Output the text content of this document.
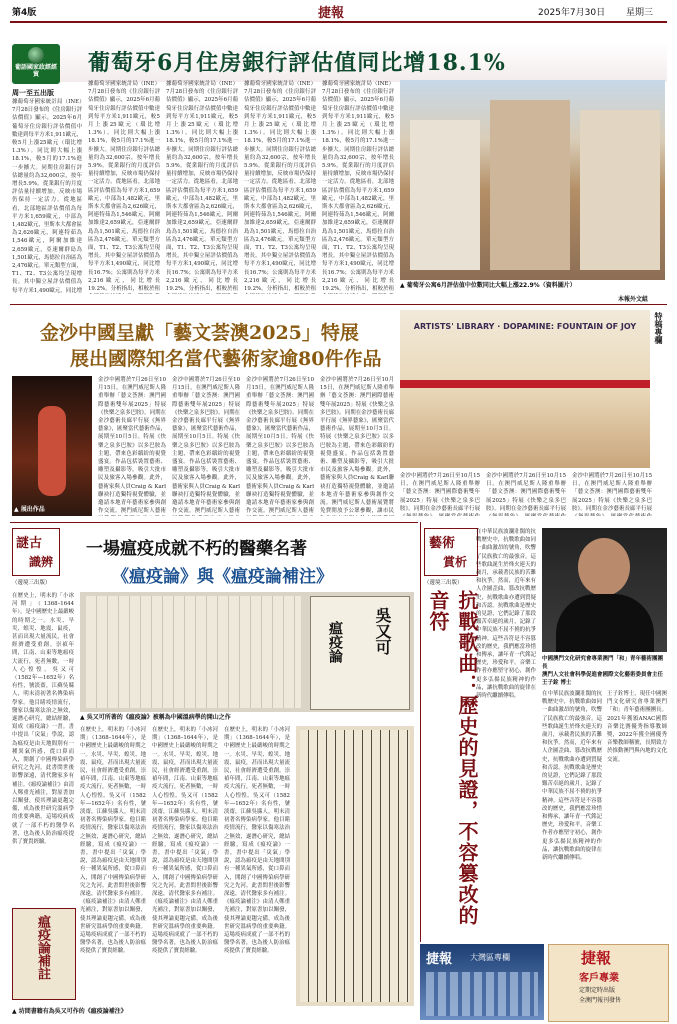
第4版	捷報	2025年7月30日 星期三
葡語國家政經經貿	葡萄牙6月住房銀行評估值同比增18.1%
周一至五出版
據葡萄牙國家統計局（INE）7月28日發布的《住房銀行評估價值》顯示，2025年6月葡萄牙住房銀行評估價值中數達到每平方米1,911歐元，較5月上漲25歐元（環比增1.3%）。同比則大幅上漲18.1%，較5月的17.1%進一步擴大。同期住房銀行評估總量約為32,600宗，按年增長5.9%。從業銀行的月度評估量持續增加，反映市場仍保持一定活力。從地區看，北部地區評估價值為每平方米1,659歐元，中部為1,482歐元，里斯本大都會區為2,626歐元，阿連特茹為1,546歐元，阿爾加維達2,659歐元，亞速爾群島為1,501歐元，馬德拉自治區為2,476歐元。單元類型方面，T1、T2、T3公寓均呈現增長。其中獨立屋評估價值為每平方米1,490歐元，同比增
據葡萄牙國家統計局（INE）7月28日發布的《住房銀行評估價值》顯示，2025年6月葡萄牙住房銀行評估價值中數達到每平方米1,911歐元，較5月上漲25歐元（環比增1.3%）。同比則大幅上漲18.1%，較5月的17.1%進一步擴大。同期住房銀行評估總量約為32,600宗，按年增長5.9%。從業銀行的月度評估量持續增加，反映市場仍保持一定活力。從地區看，北部地區評估價值為每平方米1,659歐元，中部為1,482歐元，里斯本大都會區為2,626歐元，阿連特茹為1,546歐元，阿爾加維達2,659歐元，亞速爾群島為1,501歐元，馬德拉自治區為2,476歐元。單元類型方面，T1、T2、T3公寓均呈現增長。其中獨立屋評估價值為每平方米1,490歐元，同比增長16.7%；公寓則為每平方米2,216歐元，同比增長19.2%。分析指出，相較於租
據葡萄牙國家統計局（INE）7月28日發布的《住房銀行評估價值》顯示，2025年6月葡萄牙住房銀行評估價值中數達到每平方米1,911歐元，較5月上漲25歐元（環比增1.3%）。同比則大幅上漲18.1%，較5月的17.1%進一步擴大。同期住房銀行評估總量約為32,600宗，按年增長5.9%。從業銀行的月度評估量持續增加，反映市場仍保持一定活力。從地區看，北部地區評估價值為每平方米1,659歐元，中部為1,482歐元，里斯本大都會區為2,626歐元，阿連特茹為1,546歐元，阿爾加維達2,659歐元，亞速爾群島為1,501歐元，馬德拉自治區為2,476歐元。單元類型方面，T1、T2、T3公寓均呈現增長。其中獨立屋評估價值為每平方米1,490歐元，同比增長16.7%；公寓則為每平方米2,216歐元，同比增長19.2%。分析指出，相較於租
據葡萄牙國家統計局（INE）7月28日發布的《住房銀行評估價值》顯示，2025年6月葡萄牙住房銀行評估價值中數達到每平方米1,911歐元，較5月上漲25歐元（環比增1.3%）。同比則大幅上漲18.1%，較5月的17.1%進一步擴大。同期住房銀行評估總量約為32,600宗，按年增長5.9%。從業銀行的月度評估量持續增加，反映市場仍保持一定活力。從地區看，北部地區評估價值為每平方米1,659歐元，中部為1,482歐元，里斯本大都會區為2,626歐元，阿連特茹為1,546歐元，阿爾加維達2,659歐元，亞速爾群島為1,501歐元，馬德拉自治區為2,476歐元。單元類型方面，T1、T2、T3公寓均呈現增長。其中獨立屋評估價值為每平方米1,490歐元，同比增長16.7%；公寓則為每平方米2,216歐元，同比增長19.2%。分析指出，相較於租
據葡萄牙國家統計局（INE）7月28日發布的《住房銀行評估價值》顯示，2025年6月葡萄牙住房銀行評估價值中數達到每平方米1,911歐元，較5月上漲25歐元（環比增1.3%）。同比則大幅上漲18.1%，較5月的17.1%進一步擴大。同期住房銀行評估總量約為32,600宗，按年增長5.9%。從業銀行的月度評估量持續增加，反映市場仍保持一定活力。從地區看，北部地區評估價值為每平方米1,659歐元，中部為1,482歐元，里斯本大都會區為2,626歐元，阿連特茹為1,546歐元，阿爾加維達2,659歐元，亞速爾群島為1,501歐元，馬德拉自治區為2,476歐元。單元類型方面，T1、T2、T3公寓均呈現增長。其中獨立屋評估價值為每平方米1,490歐元，同比增長16.7%；公寓則為每平方米2,216歐元，同比增長19.2%。分析指出，相較於租
▲ 葡萄牙公寓6月評估值中位數同比大幅上漲22.9%（資料圖片）
本報外文組
金沙中國呈獻「藝文荟澳2025」特展
展出國際知名當代藝術家逾80件作品
▲ 展出作品
金沙中國將於7月26日至10月15日，在澳門威尼斯人隆重舉辦「藝文荟澳：澳門國際藝術雙年展2025」特展《快樂之泉多巴胺》。同期在金沙藝術長廊平行展《無界藝象》，匯聚當代藝術作品，展期至10月5日。特展《快樂之泉多巴胺》以多巴胺為主題，帶來色彩繽紛的視覺盛宴。作品包括裝置藝術、雕塑及攝影等，吸引大批市民及旅客入場參觀。此外，藝術家與人員Craig & Karl聯袂打造獨特視覺體驗，並邀請本地青年藝術家參與創作交流。澳門威尼斯人藝術
金沙中國將於7月26日至10月15日，在澳門威尼斯人隆重舉辦「藝文荟澳：澳門國際藝術雙年展2025」特展《快樂之泉多巴胺》。同期在金沙藝術長廊平行展《無界藝象》，匯聚當代藝術作品，展期至10月5日。特展《快樂之泉多巴胺》以多巴胺為主題，帶來色彩繽紛的視覺盛宴。作品包括裝置藝術、雕塑及攝影等，吸引大批市民及旅客入場參觀。此外，藝術家與人員Craig & Karl聯袂打造獨特視覺體驗，並邀請本地青年藝術家參與創作交流。澳門威尼斯人藝術
金沙中國將於7月26日至10月15日，在澳門威尼斯人隆重舉辦「藝文荟澳：澳門國際藝術雙年展2025」特展《快樂之泉多巴胺》。同期在金沙藝術長廊平行展《無界藝象》，匯聚當代藝術作品，展期至10月5日。特展《快樂之泉多巴胺》以多巴胺為主題，帶來色彩繽紛的視覺盛宴。作品包括裝置藝術、雕塑及攝影等，吸引大批市民及旅客入場參觀。此外，藝術家與人員Craig & Karl聯袂打造獨特視覺體驗，並邀請本地青年藝術家參與創作交流。澳門威尼斯人藝術
金沙中國將於7月26日至10月15日，在澳門威尼斯人隆重舉辦「藝文荟澳：澳門國際藝術雙年展2025」特展《快樂之泉多巴胺》。同期在金沙藝術長廊平行展《無界藝象》，匯聚當代藝術作品，展期至10月5日。特展《快樂之泉多巴胺》以多巴胺為主題，帶來色彩繽紛的視覺盛宴。作品包括裝置藝術、雕塑及攝影等，吸引大批市民及旅客入場參觀。此外，藝術家與人員Craig & Karl聯袂打造獨特視覺體驗，並邀請本地青年藝術家參與創作交流。澳門威尼斯人藝術展覽將免費開放予公眾參觀，讓市民
ARTISTS' LIBRARY · DOPAMINE: FOUNTAIN OF JOY	特稿專欄
金沙中國將於7月26日至10月15日，在澳門威尼斯人隆重舉辦「藝文荟澳：澳門國際藝術雙年展2025」特展《快樂之泉多巴胺》。同期在金沙藝術長廊平行展
金沙中國將於7月26日至10月15日，在澳門威尼斯人隆重舉辦「藝文荟澳：澳門國際藝術雙年展2025」特展《快樂之泉多巴胺》。同期在金沙藝術長廊平行展
金沙中國將於7月26日至10月15日，在澳門威尼斯人隆重舉辦「藝文荟澳：澳門國際藝術雙年展2025」特展《快樂之泉多巴胺》。同期在金沙藝術長廊平行展
謎古
識辨
（邊境三出版）
一場瘟疫成就不朽的醫藥名著
《瘟疫論》與《瘟疫論補注》
在歷史上，明末的「小冰河期」（1368–1644年），是中國歷史上最嚴峻的時期之一。水災、旱災、蝗災、地震、鼠疫，甚而出現大量流民，社會經濟遭受重創。崇禎年間，江南、山東等地瘟疫大流行，死者無數，一時人心惶惶。吳又可（1582年—1652年）名有性，號淡齋，江蘇吳縣人，明末清初著名傳染病學家。他目睹疫情流行，醫家以傷寒法治之無效，遂潛心研究，總結經驗，寫成《瘟疫論》一書。書中提出「戾氣」學說，認為瘟疫是由天地間別有一種異氣所感，從口鼻而入，開創了中國傳染病學研究之先河。此書問世後影響深遠，清代醫家多有補注。《瘟疫論補注》由清人鄭重光補注，對原書加以闡發，使其理論更趨完備，成為後世研究溫病學的重要典籍。這場疫病成就了一部不朽的醫學名著，也為後人防治瘟疫提供了寶貴經驗。
吳又可
瘟疫論
▲ 吳又可所著的《瘟疫論》被稱為中國溫病學的開山之作
在歷史上，明末的「小冰河期」（1368–1644年），是中國歷史上最嚴峻的時期之一。水災、旱災、蝗災、地震、鼠疫，甚而出現大量流民，社會經濟遭受重創。崇禎年間，江南、山東等地瘟疫大流行，死者無數，一時人心惶惶。吳又可（1582年—1652年）名有性，號淡齋，江蘇吳縣人，明末清初著名傳染病學家。他目睹疫情流行，醫家以傷寒法治之無效，遂潛心研究，總結經驗，寫成《瘟疫論》一書。書中提出「戾氣」學說，認為瘟疫是由天地間別有一種異氣所感，從口鼻而入，開創了中國傳染病學研究之先河。此書問世後影響深遠，清代醫家多有補注。《瘟疫論補注》由清人鄭重光補注，對原書加以闡發，使其理論更趨完備，成為後世研究溫病學的重要典籍。這場疫病成就了一部不朽的醫學名著，也為後人防治瘟疫提供了寶貴經驗。
在歷史上，明末的「小冰河期」（1368–1644年），是中國歷史上最嚴峻的時期之一。水災、旱災、蝗災、地震、鼠疫，甚而出現大量流民，社會經濟遭受重創。崇禎年間，江南、山東等地瘟疫大流行，死者無數，一時人心惶惶。吳又可（1582年—1652年）名有性，號淡齋，江蘇吳縣人，明末清初著名傳染病學家。他目睹疫情流行，醫家以傷寒法治之無效，遂潛心研究，總結經驗，寫成《瘟疫論》一書。書中提出「戾氣」學說，認為瘟疫是由天地間別有一種異氣所感，從口鼻而入，開創了中國傳染病學研究之先河。此書問世後影響深遠，清代醫家多有補注。《瘟疫論補注》由清人鄭重光補注，對原書加以闡發，使其理論更趨完備，成為後世研究溫病學的重要典籍。這場疫病成就了一部不朽的醫學名著，也為後人防治瘟疫提供了寶貴經驗。
在歷史上，明末的「小冰河期」（1368–1644年），是中國歷史上最嚴峻的時期之一。水災、旱災、蝗災、地震、鼠疫，甚而出現大量流民，社會經濟遭受重創。崇禎年間，江南、山東等地瘟疫大流行，死者無數，一時人心惶惶。吳又可（1582年—1652年）名有性，號淡齋，江蘇吳縣人，明末清初著名傳染病學家。他目睹疫情流行，醫家以傷寒法治之無效，遂潛心研究，總結經驗，寫成《瘟疫論》一書。書中提出「戾氣」學說，認為瘟疫是由天地間別有一種異氣所感，從口鼻而入，開創了中國傳染病學研究之先河。此書問世後影響深遠，清代醫家多有補注。《瘟疫論補注》由清人鄭重光補注，對原書加以闡發，使其理論更趨完備，成為後世研究溫病學的重要典籍。這場疫病成就了一部不朽的醫學名著，也為後人防治瘟疫提供了寶貴經驗。
瘟疫論補註
▲ 坊間書籍有為吳又可作的《瘟疫論補注》
藝術
賞析
（邊境三出版）
抗戰歌曲：歷史的見證，不容篡改的音符
在中華民族波瀾壯闊的抗戰歷史中，抗戰歌曲如同一曲曲激昂的號角，吹響了民族救亡的最強音。這些歌曲誕生於烽火連天的歲月，承載著民族的苦難和抗爭。然而，近年來有人企圖歪曲、篡改抗戰歷史，抗戰歌曲亦遭到質疑和否認。抗戰歌曲是歷史的見證，它們記錄了那段艱苦卓絕的歲月，記錄了中華民族不屈不撓的抗爭精神。這些音符是不容篡改的歷史，我們應當珍惜和傳承，讓年青一代銘記歷史，珍愛和平。音樂工作者亦應堅守初心，創作更多弘揚民族精神的作品，讓抗戰歌曲的旋律在新時代繼續傳唱。
中國澳門文化研究會專業澳門「和」青年藝術團團長
澳門人文社會科學促進會國際文化藝術委員會主任 王子銓 博士
在中華民族波瀾壯闊的抗戰歷史中，抗戰歌曲如同一曲曲激昂的號角，吹響了民族救亡的最強音。這些歌曲誕生於烽火連天的歲月，承載著民族的苦難和抗爭。然而，近年來有人企圖歪曲、篡改抗戰歷史，抗戰歌曲亦遭到質疑和否認。抗戰歌曲是歷史的見證，它們記錄了那段艱苦卓絕的歲月，記錄了中華民族不屈不撓的抗爭精神。這些音符是不容篡改的歷史，我們應當珍惜和傳承，讓年青一代銘記歷史，珍愛和平。音樂工作者亦應堅守初心，創作更多弘揚民族精神的作品，讓抗戰歌曲的旋律在新時代繼續傳唱。
王子銓博士，現任中國澳門文化研究會專業澳門「和」青年藝術團團長。2021年獲頒ANAC國際音樂比賽優秀指導教師獎，2022年獲全國優秀音樂教師稱號，長期致力於推動澳門與內地的文化交流。
捷報 大灣區專欄	捷報
客戶專業
定期定時出版
全澳門報刊發售
